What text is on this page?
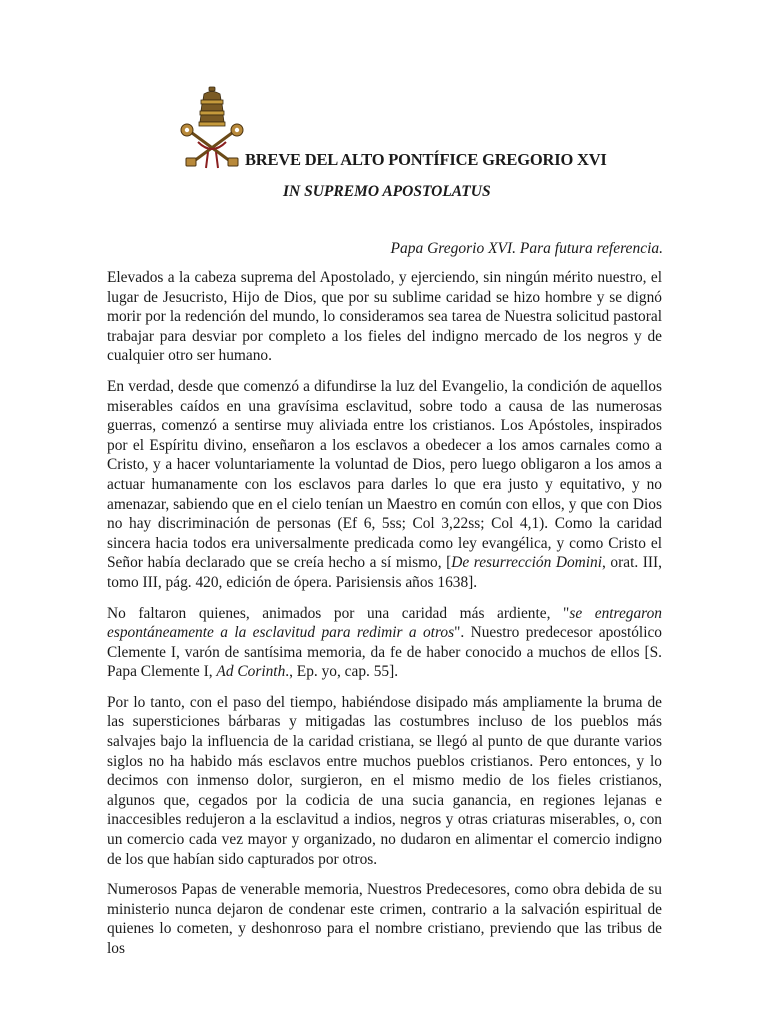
BREVE DEL ALTO PONTÍFICE GREGORIO XVI
IN SUPREMO APOSTOLATUS

Papa Gregorio XVI. Para futura referencia.

Elevados a la cabeza suprema del Apostolado, y ejerciendo, sin ningún mérito nuestro, el lugar de Jesucristo, Hijo de Dios, que por su sublime caridad se hizo hombre y se dignó morir por la redención del mundo, lo consideramos sea tarea de Nuestra solicitud pastoral trabajar para desviar por completo a los fieles del indigno mercado de los negros y de cualquier otro ser humano.

En verdad, desde que comenzó a difundirse la luz del Evangelio, la condición de aquellos miserables caídos en una gravísima esclavitud, sobre todo a causa de las numerosas guerras, comenzó a sentirse muy aliviada entre los cristianos. Los Apóstoles, inspirados por el Espíritu divino, enseñaron a los esclavos a obedecer a los amos carnales como a Cristo, y a hacer voluntariamente la voluntad de Dios, pero luego obligaron a los amos a actuar humanamente con los esclavos para darles lo que era justo y equitativo, y no amenazar, sabiendo que en el cielo tenían un Maestro en común con ellos, y que con Dios no hay discriminación de personas (Ef 6, 5ss; Col 3,22ss; Col 4,1). Como la caridad sincera hacia todos era universalmente predicada como ley evangélica, y como Cristo el Señor había declarado que se creía hecho a sí mismo, [De resurrección Domini, orat. III, tomo III, pág. 420, edición de ópera. Parisiensis años 1638].

No faltaron quienes, animados por una caridad más ardiente, "se entregaron espontáneamente a la esclavitud para redimir a otros". Nuestro predecesor apostólico Clemente I, varón de santísima memoria, da fe de haber conocido a muchos de ellos [S. Papa Clemente I, Ad Corinth., Ep. yo, cap. 55].

Por lo tanto, con el paso del tiempo, habiéndose disipado más ampliamente la bruma de las supersticiones bárbaras y mitigadas las costumbres incluso de los pueblos más salvajes bajo la influencia de la caridad cristiana, se llegó al punto de que durante varios siglos no ha habido más esclavos entre muchos pueblos cristianos. Pero entonces, y lo decimos con inmenso dolor, surgieron, en el mismo medio de los fieles cristianos, algunos que, cegados por la codicia de una sucia ganancia, en regiones lejanas e inaccesibles redujeron a la esclavitud a indios, negros y otras criaturas miserables, o, con un comercio cada vez mayor y organizado, no dudaron en alimentar el comercio indigno de los que habían sido capturados por otros.

Numerosos Papas de venerable memoria, Nuestros Predecesores, como obra debida de su ministerio nunca dejaron de condenar este crimen, contrario a la salvación espiritual de quienes lo cometen, y deshonroso para el nombre cristiano, previendo que las tribus de los
